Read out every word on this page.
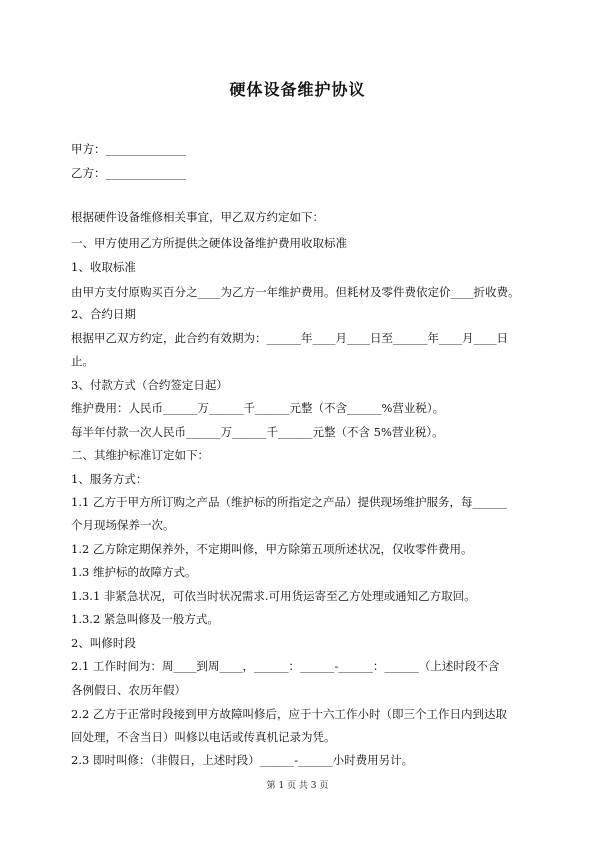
硬体设备维护协议
甲方：______________
乙方：______________
根据硬件设备维修相关事宜，甲乙双方约定如下：
一、甲方使用乙方所提供之硬体设备维护费用收取标准
1、收取标准
由甲方支付原购买百分之____为乙方一年维护费用。但耗材及零件费依定价____折收费。
2、合约日期
根据甲乙双方约定，此合约有效期为：______年____月____日至______年____月____日
止。
3、付款方式（合约签定日起）
维护费用：人民币______万______千______元整（不含______%营业税）。
每半年付款一次人民币______万______千______元整（不含 5%营业税）。
二、其维护标准订定如下：
1、服务方式：
1.1 乙方于甲方所订购之产品（维护标的所指定之产品）提供现场维护服务，每______
个月现场保养一次。
1.2 乙方除定期保养外，不定期叫修，甲方除第五项所述状况，仅收零件费用。
1.3 维护标的故障方式。
1.3.1 非紧急状况，可依当时状况需求.可用货运寄至乙方处理或通知乙方取回。
1.3.2 紧急叫修及一般方式。
2、叫修时段
2.1 工作时间为：周____到周____，______：______-______：______（上述时段不含
各例假日、农历年假）
2.2 乙方于正常时段接到甲方故障叫修后，应于十六工作小时（即三个工作日内到达取
回处理，不含当日）叫修以电话或传真机记录为凭。
2.3 即时叫修：（非假日，上述时段）______-______小时费用另计。
第 1 页 共 3 页
